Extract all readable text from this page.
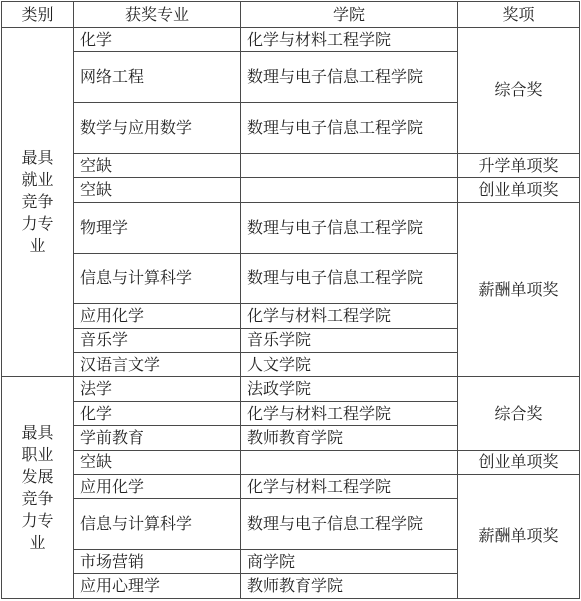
类别	获奖专业	学院	奖项
最具就业竞争力专业	化学	化学与材料工程学院	综合奖
	网络工程	数理与电子信息工程学院	
	数学与应用数学	数理与电子信息工程学院	
	空缺		升学单项奖
	空缺		创业单项奖
	物理学	数理与电子信息工程学院	薪酬单项奖
	信息与计算科学	数理与电子信息工程学院	
	应用化学	化学与材料工程学院	
	音乐学	音乐学院	
	汉语言文学	人文学院	
最具职业发展竞争力专业	法学	法政学院	综合奖
	化学	化学与材料工程学院	
	学前教育	教师教育学院	
	空缺		创业单项奖
	应用化学	化学与材料工程学院	薪酬单项奖
	信息与计算科学	数理与电子信息工程学院	
	市场营销	商学院	
	应用心理学	教师教育学院	
